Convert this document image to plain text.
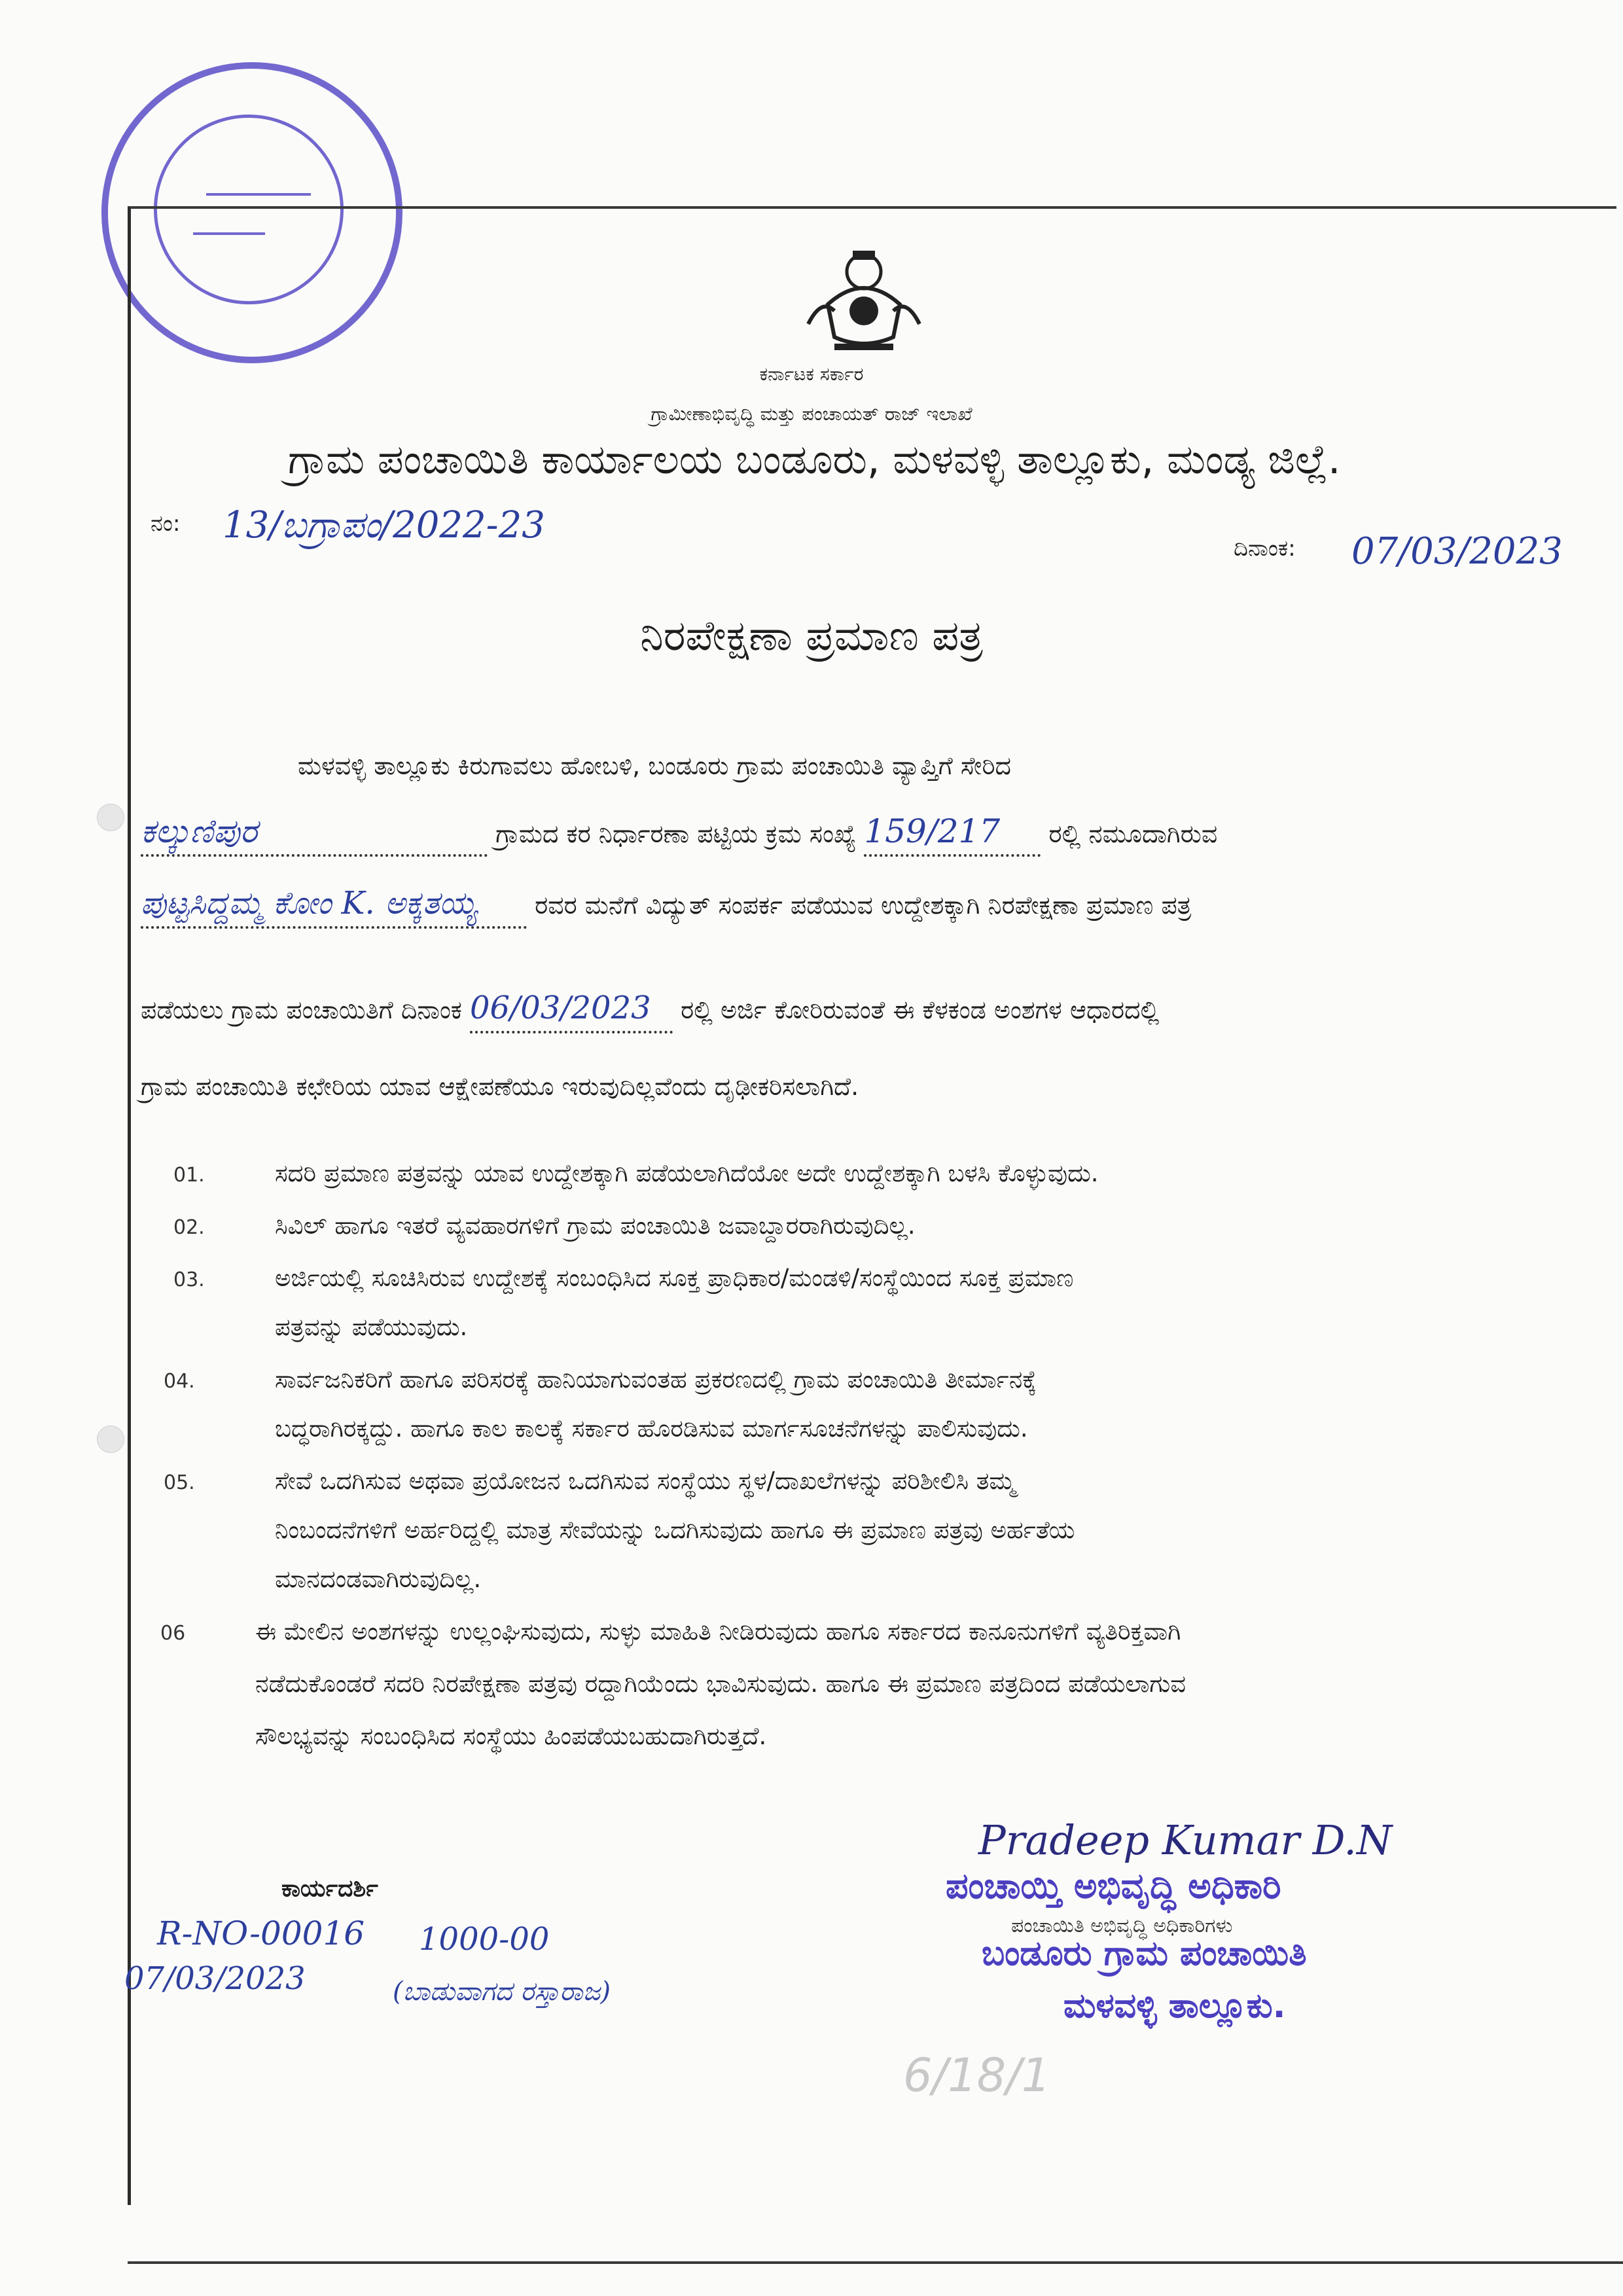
ಕರ್ನಾಟಕ ಸರ್ಕಾರ
ಗ್ರಾಮೀಣಾಭಿವೃದ್ಧಿ ಮತ್ತು ಪಂಚಾಯತ್ ರಾಜ್ ಇಲಾಖೆ
ಗ್ರಾಮ ಪಂಚಾಯಿತಿ ಕಾರ್ಯಾಲಯ ಬಂಡೂರು, ಮಳವಳ್ಳಿ ತಾಲ್ಲೂಕು, ಮಂಡ್ಯ ಜಿಲ್ಲೆ.
ನಂ: 13/ಬಗ್ರಾಪಂ/2022-23
ದಿನಾಂಕ: 07/03/2023
ನಿರಪೇಕ್ಷಣಾ ಪ್ರಮಾಣ ಪತ್ರ
ಮಳವಳ್ಳಿ ತಾಲ್ಲೂಕು ಕಿರುಗಾವಲು ಹೋಬಳಿ, ಬಂಡೂರು ಗ್ರಾಮ ಪಂಚಾಯಿತಿ ವ್ಯಾಪ್ತಿಗೆ ಸೇರಿದ
ಕಲ್ಕುಣಿಪುರ	ಗ್ರಾಮದ ಕರ ನಿರ್ಧಾರಣಾ ಪಟ್ಟಿಯ ಕ್ರಮ ಸಂಖ್ಯೆ 159/217 ರಲ್ಲಿ ನಮೂದಾಗಿರುವ
ಪುಟ್ಟಸಿದ್ದಮ್ಮ ಕೋಂ K. ಅಕ್ಕತಯ್ಯ ರವರ ಮನೆಗೆ ವಿದ್ಯುತ್ ಸಂಪರ್ಕ ಪಡೆಯುವ ಉದ್ದೇಶಕ್ಕಾಗಿ ನಿರಪೇಕ್ಷಣಾ ಪ್ರಮಾಣ ಪತ್ರ
ಪಡೆಯಲು ಗ್ರಾಮ ಪಂಚಾಯಿತಿಗೆ ದಿನಾಂಕ 06/03/2023 ರಲ್ಲಿ ಅರ್ಜಿ ಕೋರಿರುವಂತೆ ಈ ಕೆಳಕಂಡ ಅಂಶಗಳ ಆಧಾರದಲ್ಲಿ
ಗ್ರಾಮ ಪಂಚಾಯಿತಿ ಕಛೇರಿಯ ಯಾವ ಆಕ್ಷೇಪಣೆಯೂ ಇರುವುದಿಲ್ಲವೆಂದು ದೃಢೀಕರಿಸಲಾಗಿದೆ.
01.	ಸದರಿ ಪ್ರಮಾಣ ಪತ್ರವನ್ನು ಯಾವ ಉದ್ದೇಶಕ್ಕಾಗಿ ಪಡೆಯಲಾಗಿದೆಯೋ ಅದೇ ಉದ್ದೇಶಕ್ಕಾಗಿ ಬಳಸಿ ಕೊಳ್ಳುವುದು.
02.	ಸಿವಿಲ್ ಹಾಗೂ ಇತರೆ ವ್ಯವಹಾರಗಳಿಗೆ ಗ್ರಾಮ ಪಂಚಾಯಿತಿ ಜವಾಬ್ದಾರರಾಗಿರುವುದಿಲ್ಲ.
03.	ಅರ್ಜಿಯಲ್ಲಿ ಸೂಚಿಸಿರುವ ಉದ್ದೇಶಕ್ಕೆ ಸಂಬಂಧಿಸಿದ ಸೂಕ್ತ ಪ್ರಾಧಿಕಾರ/ಮಂಡಳಿ/ಸಂಸ್ಥೆಯಿಂದ ಸೂಕ್ತ ಪ್ರಮಾಣ
ಪತ್ರವನ್ನು ಪಡೆಯುವುದು.
04.	ಸಾರ್ವಜನಿಕರಿಗೆ ಹಾಗೂ ಪರಿಸರಕ್ಕೆ ಹಾನಿಯಾಗುವಂತಹ ಪ್ರಕರಣದಲ್ಲಿ ಗ್ರಾಮ ಪಂಚಾಯಿತಿ ತೀರ್ಮಾನಕ್ಕೆ
ಬದ್ಧರಾಗಿರಕ್ಕದ್ದು. ಹಾಗೂ ಕಾಲ ಕಾಲಕ್ಕೆ ಸರ್ಕಾರ ಹೊರಡಿಸುವ ಮಾರ್ಗಸೂಚನೆಗಳನ್ನು ಪಾಲಿಸುವುದು.
05.	ಸೇವೆ ಒದಗಿಸುವ ಅಥವಾ ಪ್ರಯೋಜನ ಒದಗಿಸುವ ಸಂಸ್ಥೆಯು ಸ್ಥಳ/ದಾಖಲೆಗಳನ್ನು ಪರಿಶೀಲಿಸಿ ತಮ್ಮ
ನಿಂಬಂದನೆಗಳಿಗೆ ಅರ್ಹರಿದ್ದಲ್ಲಿ ಮಾತ್ರ ಸೇವೆಯನ್ನು ಒದಗಿಸುವುದು ಹಾಗೂ ಈ ಪ್ರಮಾಣ ಪತ್ರವು ಅರ್ಹತೆಯ
ಮಾನದಂಡವಾಗಿರುವುದಿಲ್ಲ.
06	ಈ ಮೇಲಿನ ಅಂಶಗಳನ್ನು ಉಲ್ಲಂಘಿಸುವುದು, ಸುಳ್ಳು ಮಾಹಿತಿ ನೀಡಿರುವುದು ಹಾಗೂ ಸರ್ಕಾರದ ಕಾನೂನುಗಳಿಗೆ ವ್ಯತಿರಿಕ್ತವಾಗಿ
ನಡೆದುಕೊಂಡರೆ ಸದರಿ ನಿರಪೇಕ್ಷಣಾ ಪತ್ರವು ರದ್ದಾಗಿಯೆಂದು ಭಾವಿಸುವುದು. ಹಾಗೂ ಈ ಪ್ರಮಾಣ ಪತ್ರದಿಂದ ಪಡೆಯಲಾಗುವ
ಸೌಲಭ್ಯವನ್ನು ಸಂಬಂಧಿಸಿದ ಸಂಸ್ಥೆಯು ಹಿಂಪಡೆಯಬಹುದಾಗಿರುತ್ತದೆ.
ಕಾರ್ಯದರ್ಶಿ
R-NO-00016 1000-00
07/03/2023	(ಬಾಡುವಾಗದ ರಸ್ತಾರಾಜ)
Pradeep Kumar D.N
ಪಂಚಾಯ್ತಿ ಅಭಿವೃದ್ಧಿ ಅಧಿಕಾರಿ
ಪಂಚಾಯಿತಿ ಅಭಿವೃದ್ಧಿ ಅಧಿಕಾರಿಗಳು
ಬಂಡೂರು ಗ್ರಾಮ ಪಂಚಾಯಿತಿ
ಮಳವಳ್ಳಿ ತಾಲ್ಲೂಕು.
6/18/1
